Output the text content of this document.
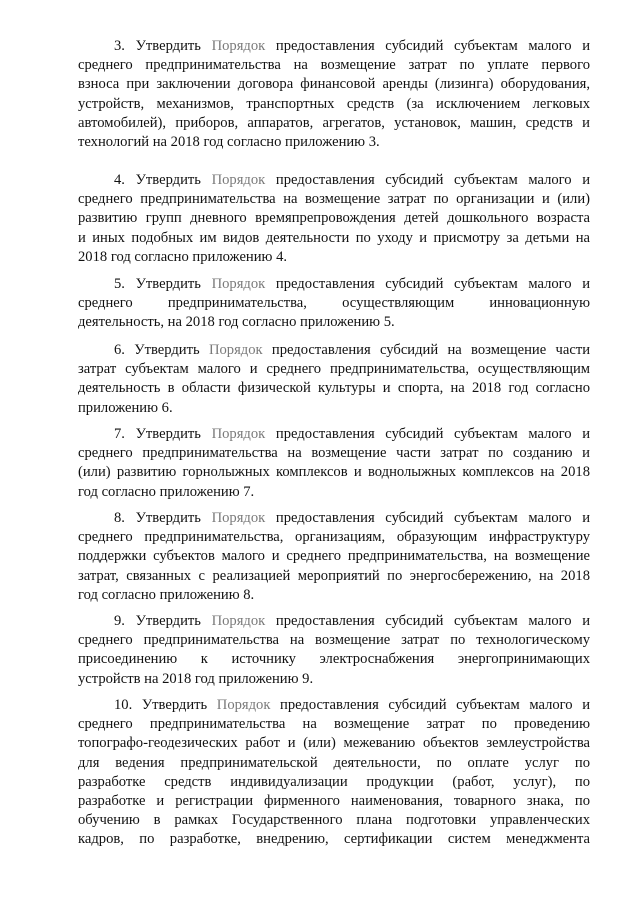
3. Утвердить Порядок предоставления субсидий субъектам малого и
среднего предпринимательства на возмещение затрат по уплате первого
взноса при заключении договора финансовой аренды (лизинга) оборудования,
устройств, механизмов, транспортных средств (за исключением легковых
автомобилей), приборов, аппаратов, агрегатов, установок, машин, средств и
технологий на 2018 год согласно приложению 3.
4. Утвердить Порядок предоставления субсидий субъектам малого и
среднего предпринимательства на возмещение затрат по организации и (или)
развитию групп дневного времяпрепровождения детей дошкольного возраста
и иных подобных им видов деятельности по уходу и присмотру за детьми на
2018 год согласно приложению 4.
5. Утвердить Порядок предоставления субсидий субъектам малого и
среднего предпринимательства, осуществляющим инновационную
деятельность, на 2018 год согласно приложению 5.
6. Утвердить Порядок предоставления субсидий на возмещение части
затрат субъектам малого и среднего предпринимательства, осуществляющим
деятельность в области физической культуры и спорта, на 2018 год согласно
приложению 6.
7. Утвердить Порядок предоставления субсидий субъектам малого и
среднего предпринимательства на возмещение части затрат по созданию и
(или) развитию горнолыжных комплексов и воднолыжных комплексов на 2018
год согласно приложению 7.
8. Утвердить Порядок предоставления субсидий субъектам малого и
среднего предпринимательства, организациям, образующим инфраструктуру
поддержки субъектов малого и среднего предпринимательства, на возмещение
затрат, связанных с реализацией мероприятий по энергосбережению, на 2018
год согласно приложению 8.
9. Утвердить Порядок предоставления субсидий субъектам малого и
среднего предпринимательства на возмещение затрат по технологическому
присоединению к источнику электроснабжения энергопринимающих
устройств на 2018 год приложению 9.
10. Утвердить Порядок предоставления субсидий субъектам малого и
среднего предпринимательства на возмещение затрат по проведению
топографо-геодезических работ и (или) межеванию объектов землеустройства
для ведения предпринимательской деятельности, по оплате услуг по
разработке средств индивидуализации продукции (работ, услуг), по
разработке и регистрации фирменного наименования, товарного знака, по
обучению в рамках Государственного плана подготовки управленческих
кадров, по разработке, внедрению, сертификации систем менеджмента
